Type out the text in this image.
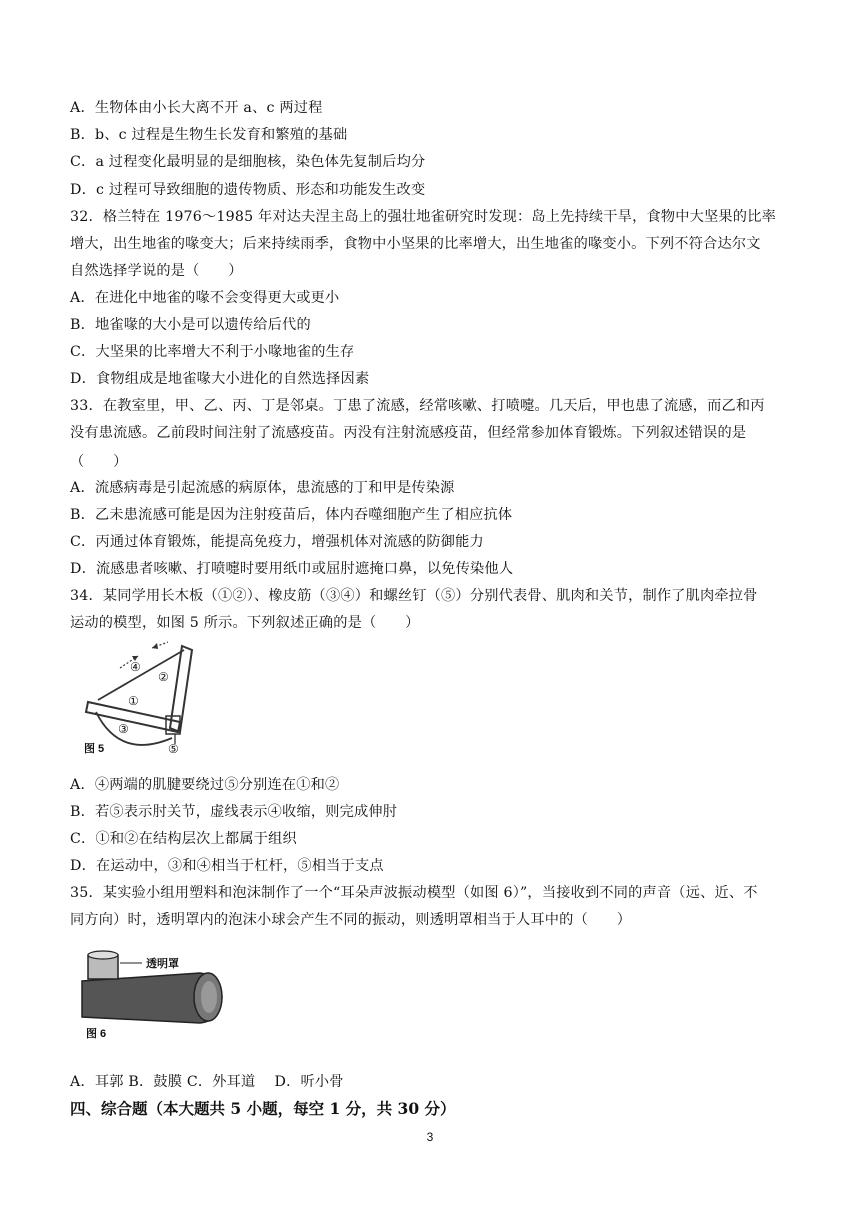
A．生物体由小长大离不开 a、c 两过程
B．b、c 过程是生物生长发育和繁殖的基础
C．a 过程变化最明显的是细胞核，染色体先复制后均分
D．c 过程可导致细胞的遗传物质、形态和功能发生改变
32．格兰特在 1976～1985 年对达夫涅主岛上的强壮地雀研究时发现：岛上先持续干旱，食物中大坚果的比率
增大，出生地雀的喙变大；后来持续雨季，食物中小坚果的比率增大，出生地雀的喙变小。下列不符合达尔文
自然选择学说的是（　　）
A．在进化中地雀的喙不会变得更大或更小
B．地雀喙的大小是可以遗传给后代的
C．大坚果的比率增大不利于小喙地雀的生存
D．食物组成是地雀喙大小进化的自然选择因素
33．在教室里，甲、乙、丙、丁是邻桌。丁患了流感，经常咳嗽、打喷嚏。几天后，甲也患了流感，而乙和丙
没有患流感。乙前段时间注射了流感疫苗。丙没有注射流感疫苗，但经常参加体育锻炼。下列叙述错误的是
（　　）
A．流感病毒是引起流感的病原体，患流感的丁和甲是传染源
B．乙未患流感可能是因为注射疫苗后，体内吞噬细胞产生了相应抗体
C．丙通过体育锻炼，能提高免疫力，增强机体对流感的防御能力
D．流感患者咳嗽、打喷嚏时要用纸巾或屈肘遮掩口鼻，以免传染他人
34．某同学用长木板（①②）、橡皮筋（③④）和螺丝钉（⑤）分别代表骨、肌肉和关节，制作了肌肉牵拉骨
运动的模型，如图 5 所示。下列叙述正确的是（　　）
④
②
①
③
⑤
图 5
A．④两端的肌腱要绕过⑤分别连在①和②
B．若⑤表示肘关节，虚线表示④收缩，则完成伸肘
C．①和②在结构层次上都属于组织
D．在运动中，③和④相当于杠杆，⑤相当于支点
35．某实验小组用塑料和泡沫制作了一个“耳朵声波振动模型（如图 6）”，当接收到不同的声音（远、近、不
同方向）时，透明罩内的泡沫小球会产生不同的振动，则透明罩相当于人耳中的（　　）
透明罩
图 6
A．耳郭 B．鼓膜 C．外耳道　 D．听小骨
四、综合题（本大题共 5 小题，每空 1 分，共 30 分）
3
